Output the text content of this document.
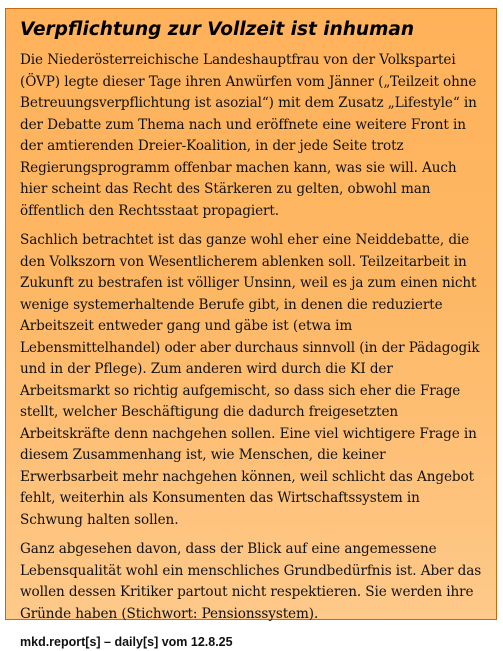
Verpflichtung zur Vollzeit ist inhuman

Die Niederösterreichische Landeshauptfrau von der Volkspartei (ÖVP) legte dieser Tage ihren Anwürfen vom Jänner („Teilzeit ohne Betreuungsverpflichtung ist asozial“) mit dem Zusatz „Lifestyle“ in der Debatte zum Thema nach und eröffnete eine weitere Front in der amtierenden Dreier-Koalition, in der jede Seite trotz Regierungsprogramm offenbar machen kann, was sie will. Auch hier scheint das Recht des Stärkeren zu gelten, obwohl man öffentlich den Rechtsstaat propagiert.

Sachlich betrachtet ist das ganze wohl eher eine Neiddebatte, die den Volkszorn von Wesentlicherem ablenken soll. Teilzeitarbeit in Zukunft zu bestrafen ist völliger Unsinn, weil es ja zum einen nicht wenige systemerhaltende Berufe gibt, in denen die reduzierte Arbeitszeit entweder gang und gäbe ist (etwa im Lebensmittelhandel) oder aber durchaus sinnvoll (in der Pädagogik und in der Pflege). Zum anderen wird durch die KI der Arbeitsmarkt so richtig aufgemischt, so dass sich eher die Frage stellt, welcher Beschäftigung die dadurch freigesetzten Arbeitskräfte denn nachgehen sollen. Eine viel wichtigere Frage in diesem Zusammenhang ist, wie Menschen, die keiner Erwerbsarbeit mehr nachgehen können, weil schlicht das Angebot fehlt, weiterhin als Konsumenten das Wirtschaftssystem in Schwung halten sollen.

Ganz abgesehen davon, dass der Blick auf eine angemessene Lebensqualität wohl ein menschliches Grundbedürfnis ist. Aber das wollen dessen Kritiker partout nicht respektieren. Sie werden ihre Gründe haben (Stichwort: Pensionssystem).

mkd.report[s] – daily[s] vom 12.8.25
